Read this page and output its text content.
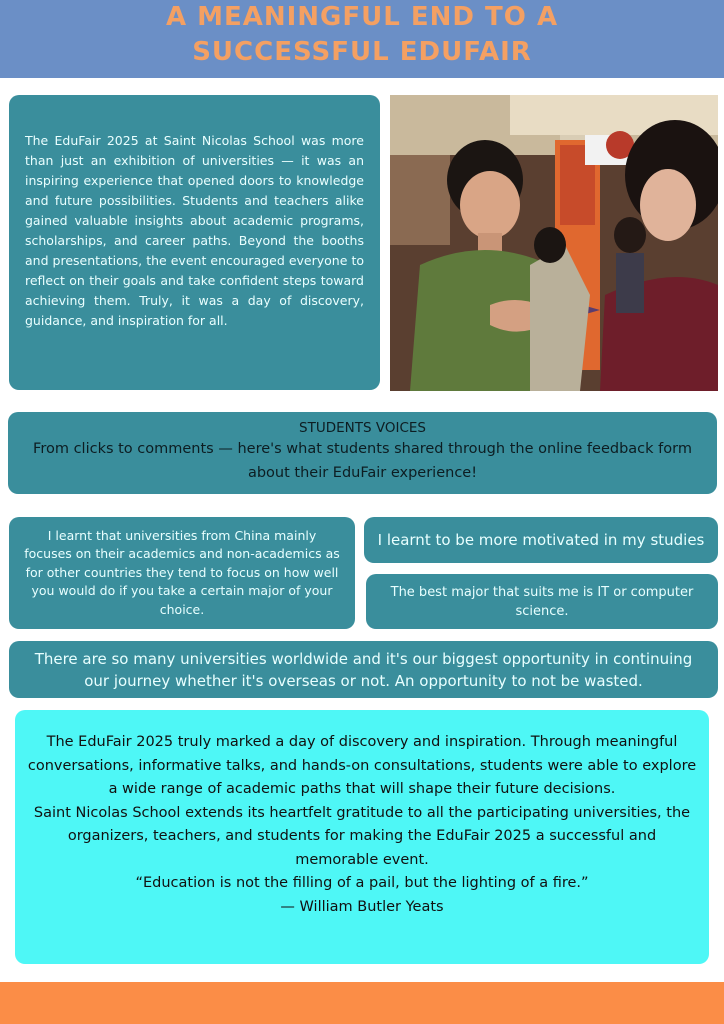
A MEANINGFUL END TO A
SUCCESSFUL EDUFAIR
The EduFair 2025 at Saint Nicolas School was more than just an exhibition of universities — it was an inspiring experience that opened doors to knowledge and future possibilities. Students and teachers alike gained valuable insights about academic programs, scholarships, and career paths. Beyond the booths and presentations, the event encouraged everyone to reflect on their goals and take confident steps toward achieving them. Truly, it was a day of discovery, guidance, and inspiration for all.
STUDENTS VOICES
From clicks to comments — here's what students shared through the online feedback form about their EduFair experience!
I learnt that universities from China mainly focuses on their academics and non-academics as for other countries they tend to focus on how well you would do if you take a certain major of your choice.
I learnt to be more motivated in my studies
The best major that suits me is IT or computer science.
There are so many universities worldwide and it's our biggest opportunity in continuing our journey whether it's overseas or not. An opportunity to not be wasted.

The EduFair 2025 truly marked a day of discovery and inspiration. Through meaningful conversations, informative talks, and hands-on consultations, students were able to explore a wide range of academic paths that will shape their future decisions.

Saint Nicolas School extends its heartfelt gratitude to all the participating universities, the organizers, teachers, and students for making the EduFair 2025 a successful and memorable event.

“Education is not the filling of a pail, but the lighting of a fire.”

— William Butler Yeats
